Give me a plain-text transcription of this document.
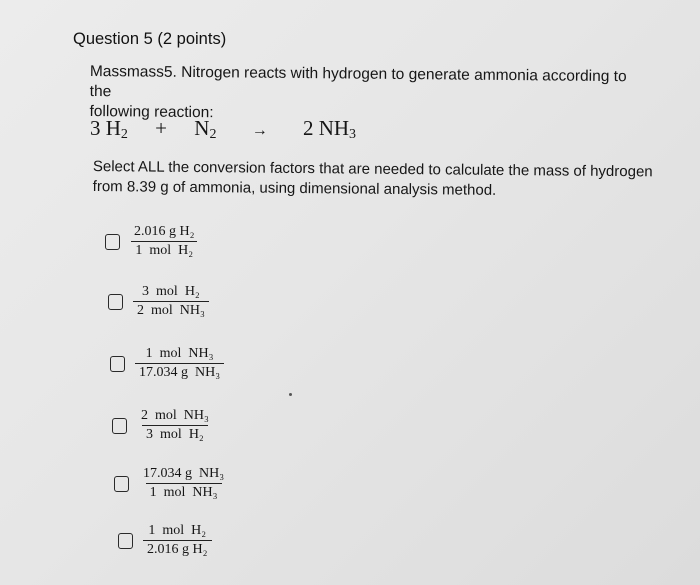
Question 5 (2 points)
Massmass5. Nitrogen reacts with hydrogen to generate ammonia according to the
following reaction:
3 $H_2 + N_2 \to 2$ $NH_3$
Select ALL the conversion factors that are needed to calculate the mass of hydrogen
from 8.39 g of ammonia, using dimensional analysis method.
$\frac{\text{2.016 g H₂}}{\text{1  mol  H₂}}$
$\frac{\text{3  mol  H₂}}{\text{2  mol  NH₃}}$
$\frac{\text{1  mol  NH₃}}{\text{17.034 g  NH₃}}$
$\frac{\text{2  mol  NH₃}}{\text{3  mol  H₂}}$
$\frac{\text{17.034 g  NH₃}}{\text{1  mol  NH₃}}$
$\frac{\text{1  mol  H₂}}{\text{2.016 g H₂}}$
